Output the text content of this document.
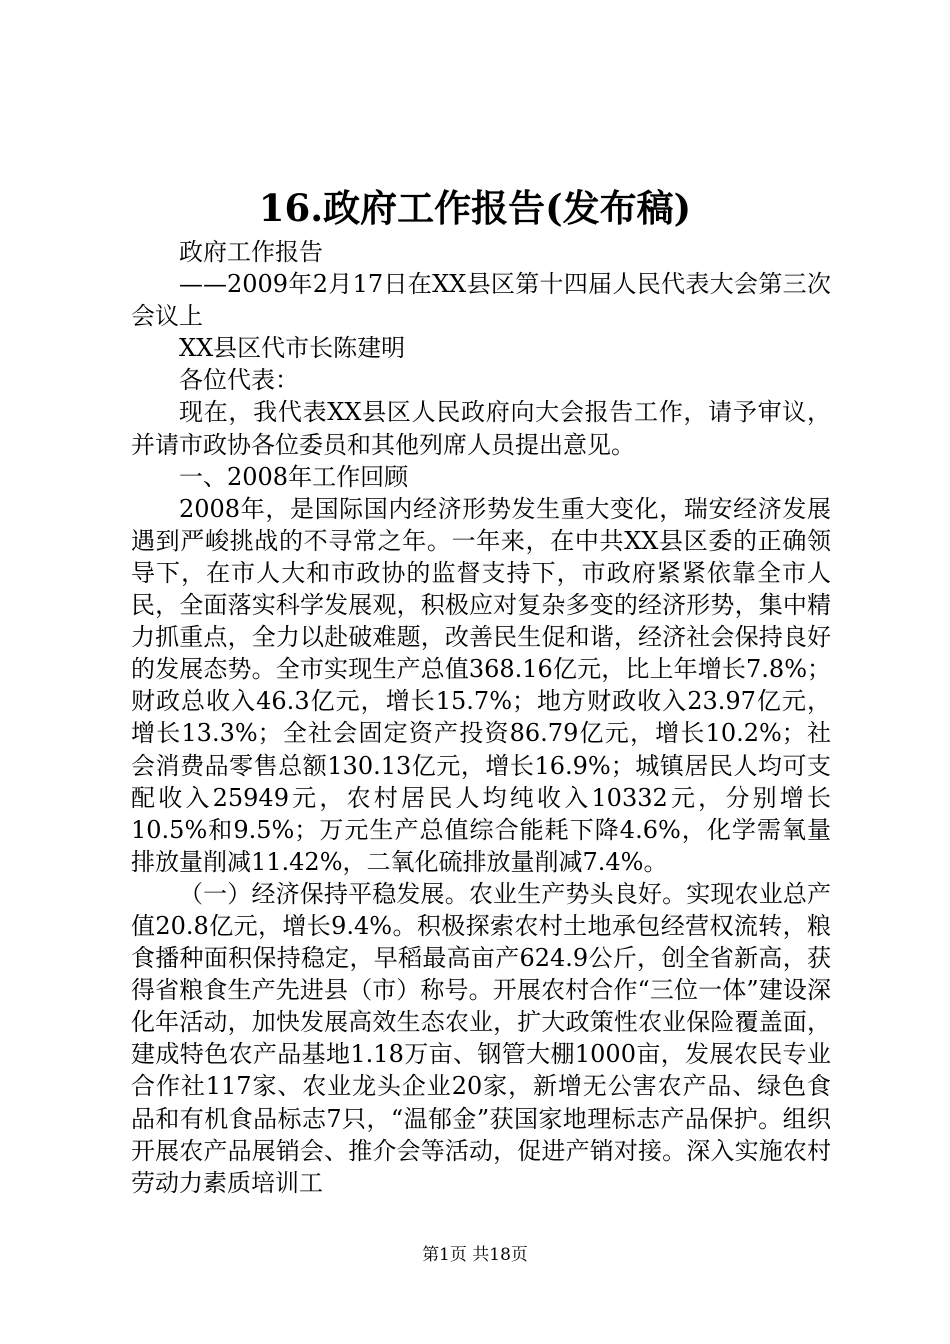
16.政府工作报告(发布稿)

政府工作报告

——2009年2月17日在XX县区第十四届人民代表大会第三次会议上

XX县区代市长陈建明

各位代表：

现在，我代表XX县区人民政府向大会报告工作，请予审议，并请市政协各位委员和其他列席人员提出意见。

一、2008年工作回顾

2008年，是国际国内经济形势发生重大变化，瑞安经济发展遇到严峻挑战的不寻常之年。一年来，在中共XX县区委的正确领导下，在市人大和市政协的监督支持下，市政府紧紧依靠全市人民，全面落实科学发展观，积极应对复杂多变的经济形势，集中精力抓重点，全力以赴破难题，改善民生促和谐，经济社会保持良好的发展态势。全市实现生产总值368.16亿元，比上年增长7.8%；财政总收入46.3亿元，增长15.7%；地方财政收入23.97亿元，增长13.3%；全社会固定资产投资86.79亿元，增长10.2%；社会消费品零售总额130.13亿元，增长16.9%；城镇居民人均可支配收入25949元，农村居民人均纯收入10332元，分别增长10.5%和9.5%；万元生产总值综合能耗下降4.6%，化学需氧量排放量削减11.42%，二氧化硫排放量削减7.4%。

（一）经济保持平稳发展。农业生产势头良好。实现农业总产值20.8亿元，增长9.4%。积极探索农村土地承包经营权流转，粮食播种面积保持稳定，早稻最高亩产624.9公斤，创全省新高，获得省粮食生产先进县（市）称号。开展农村合作“三位一体”建设深化年活动，加快发展高效生态农业，扩大政策性农业保险覆盖面，建成特色农产品基地1.18万亩、钢管大棚1000亩，发展农民专业合作社117家、农业龙头企业20家，新增无公害农产品、绿色食品和有机食品标志7只，“温郁金”获国家地理标志产品保护。组织开展农产品展销会、推介会等活动，促进产销对接。深入实施农村劳动力素质培训工

第1页 共18页
